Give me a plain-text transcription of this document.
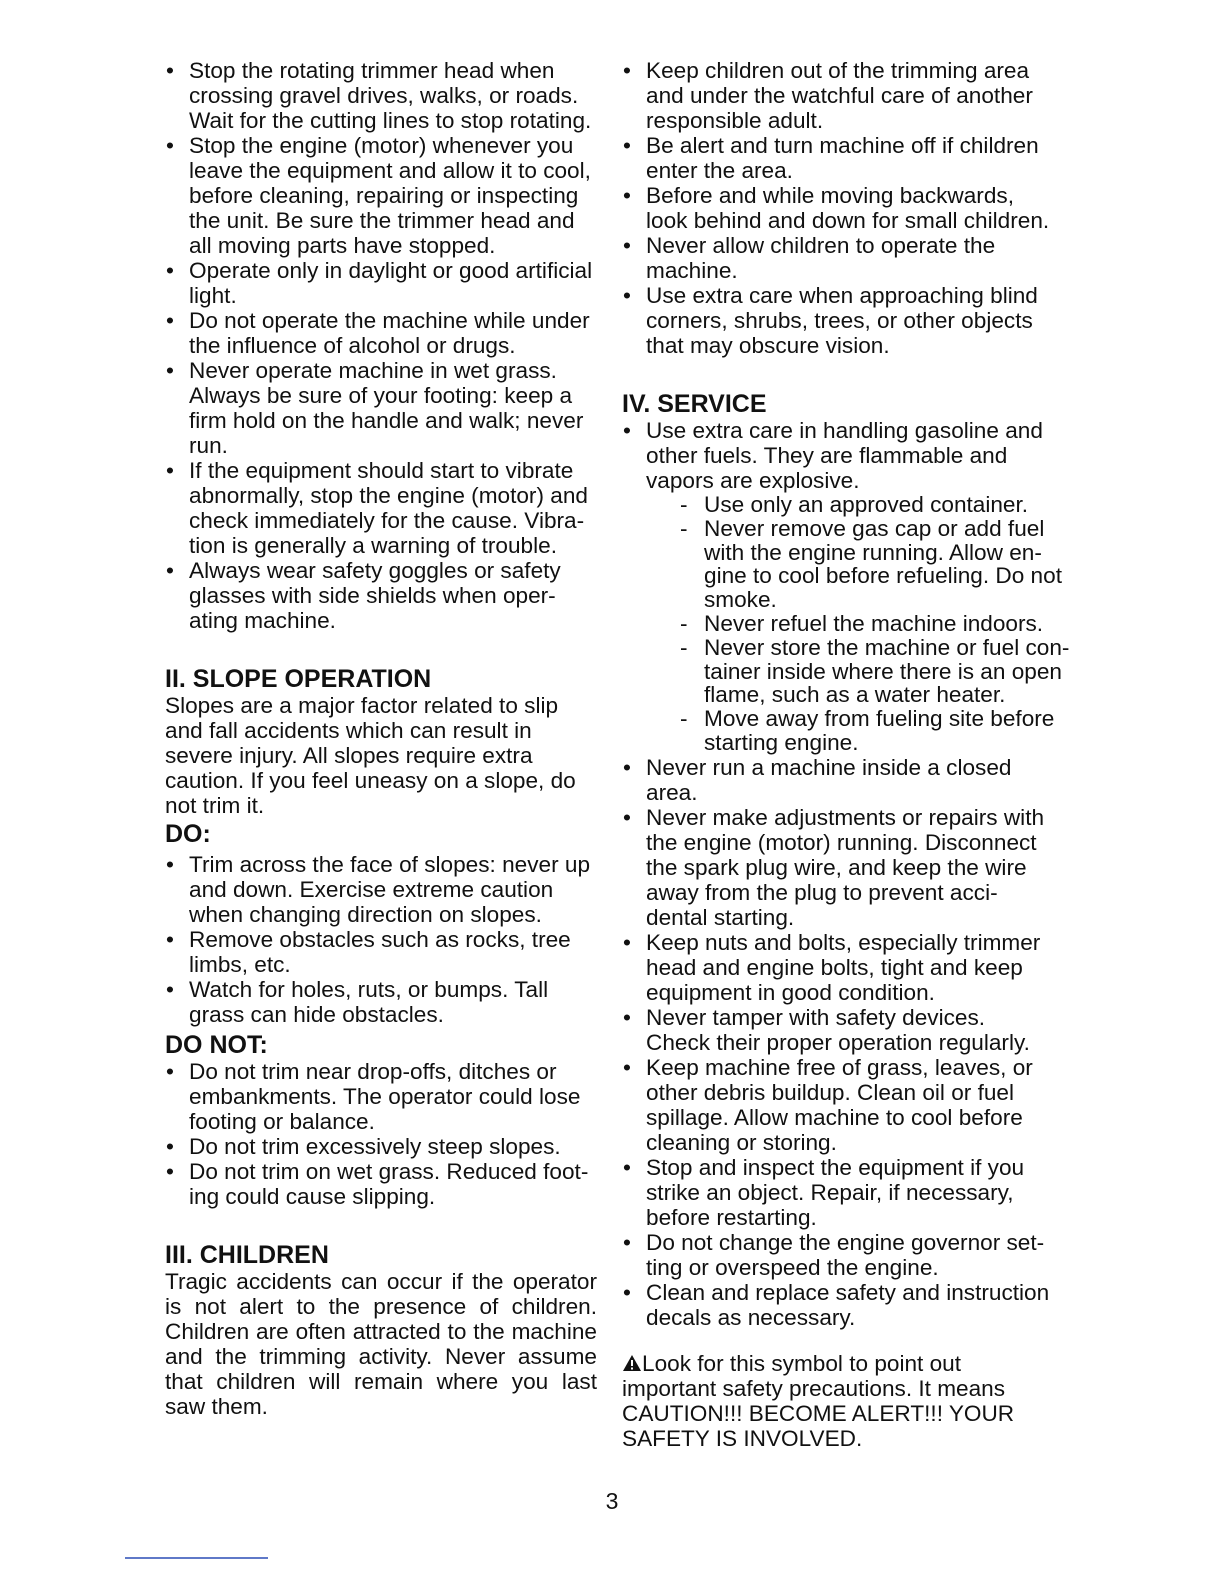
• Stop the rotating trimmer head when
crossing gravel drives, walks, or roads.
Wait for the cutting lines to stop rotating.
• Stop the engine (motor) whenever you
leave the equipment and allow it to cool,
before cleaning, repairing or inspecting
the unit. Be sure the trimmer head and
all moving parts have stopped.
• Operate only in daylight or good artificial
light.
• Do not operate the machine while under
the influence of alcohol or drugs.
• Never operate machine in wet grass.
Always be sure of your footing: keep a
firm hold on the handle and walk; never
run.
• If the equipment should start to vibrate
abnormally, stop the engine (motor) and
check immediately for the cause. Vibra-
tion is generally a warning of trouble.
• Always wear safety goggles or safety
glasses with side shields when oper-
ating machine.
II. SLOPE OPERATION
Slopes are a major factor related to slip
and fall accidents which can result in
severe injury. All slopes require extra
caution. If you feel uneasy on a slope, do
not trim it.
DO:
• Trim across the face of slopes: never up
and down. Exercise extreme caution
when changing direction on slopes.
• Remove obstacles such as rocks, tree
limbs, etc.
• Watch for holes, ruts, or bumps. Tall
grass can hide obstacles.
DO NOT:
• Do not trim near drop-offs, ditches or
embankments. The operator could lose
footing or balance.
• Do not trim excessively steep slopes.
• Do not trim on wet grass. Reduced foot-
ing could cause slipping.
III. CHILDREN

Tragic accidents can occur if the operator is not alert to the presence of children. Children are often attracted to the machine and the trimming activity. Never assume that children will remain where you last saw them.

• Keep children out of the trimming area
and under the watchful care of another
responsible adult.
• Be alert and turn machine off if children
enter the area.
• Before and while moving backwards,
look behind and down for small children.
• Never allow children to operate the
machine.
• Use extra care when approaching blind
corners, shrubs, trees, or other objects
that may obscure vision.
IV. SERVICE
• Use extra care in handling gasoline and
other fuels. They are flammable and
vapors are explosive.
- Use only an approved container.
- Never remove gas cap or add fuel
with the engine running. Allow en-
gine to cool before refueling. Do not
smoke.
- Never refuel the machine indoors.
- Never store the machine or fuel con-
tainer inside where there is an open
flame, such as a water heater.
- Move away from fueling site before
starting engine.
• Never run a machine inside a closed
area.
• Never make adjustments or repairs with
the engine (motor) running. Disconnect
the spark plug wire, and keep the wire
away from the plug to prevent acci-
dental starting.
• Keep nuts and bolts, especially trimmer
head and engine bolts, tight and keep
equipment in good condition.
• Never tamper with safety devices.
Check their proper operation regularly.
• Keep machine free of grass, leaves, or
other debris buildup. Clean oil or fuel
spillage. Allow machine to cool before
cleaning or storing.
• Stop and inspect the equipment if you
strike an object. Repair, if necessary,
before restarting.
• Do not change the engine governor set-
ting or overspeed the engine.
• Clean and replace safety and instruction
decals as necessary.
Look for this symbol to point out
important safety precautions. It means
CAUTION!!! BECOME ALERT!!! YOUR
SAFETY IS INVOLVED.
3
